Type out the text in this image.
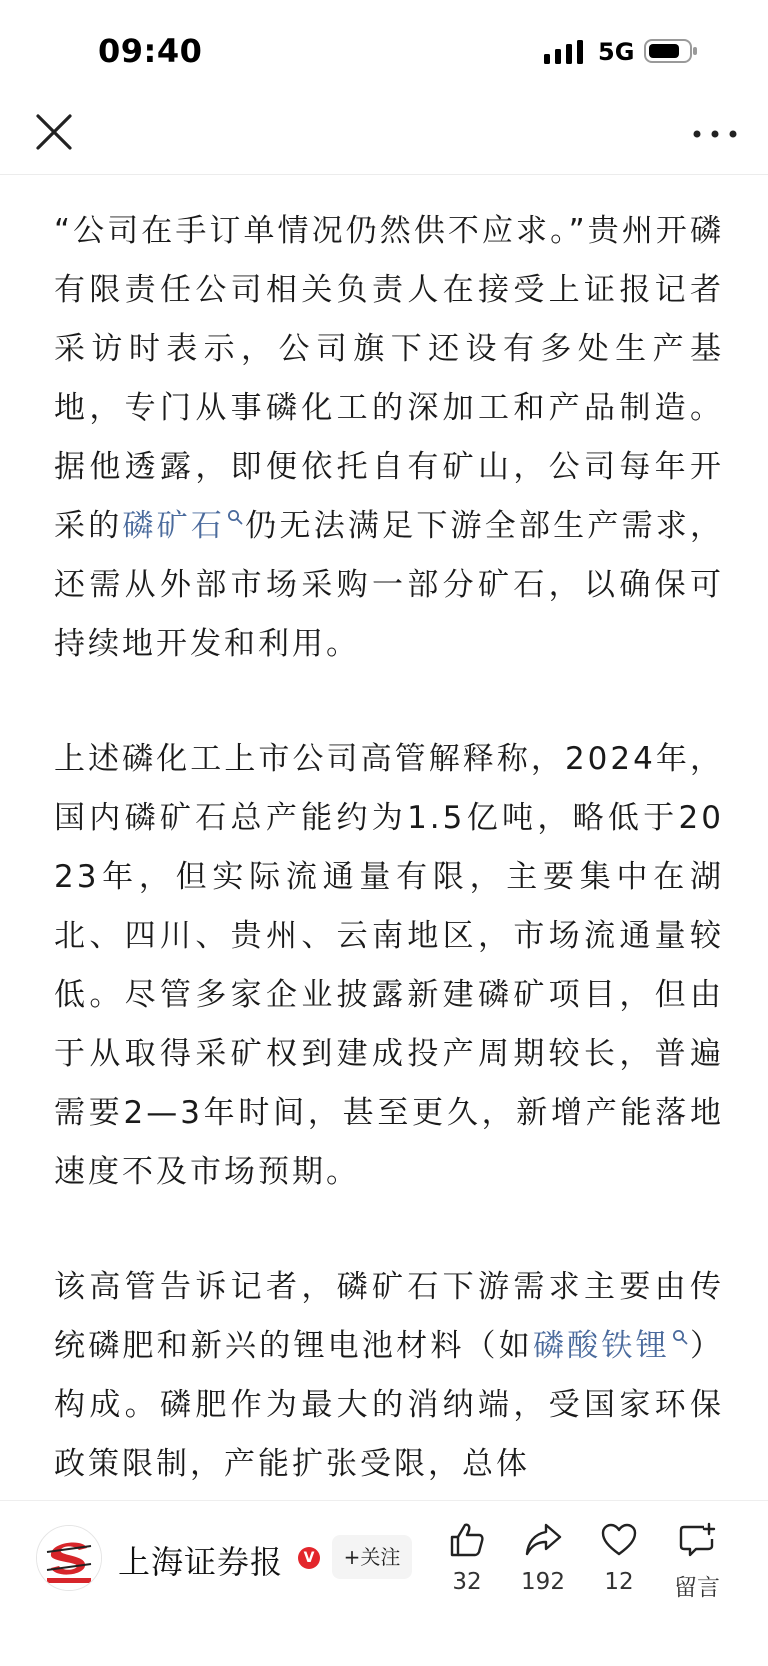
09:40	5G

“公司在手订单情况仍然供不应求。”贵州开磷有限责任公司相关负责人在接受上证报记者采访时表示，公司旗下还设有多处生产基地，专门从事磷化工的深加工和产品制造。据他透露，即便依托自有矿山，公司每年开采的磷矿石 仍无法满足下游全部生产需求，还需从外部市场采购一部分矿石，以确保可持续地开发和利用。

上述磷化工上市公司高管解释称，2024年，国内磷矿石总产能约为1.5亿吨，略低于2023年，但实际流通量有限，主要集中在湖北、四川、贵州、云南地区，市场流通量较低。尽管多家企业披露新建磷矿项目，但由于从取得采矿权到建成投产周期较长，普遍需要2—3年时间，甚至更久，新增产能落地速度不及市场预期。

该高管告诉记者，磷矿石下游需求主要由传统磷肥和新兴的锂电池材料（如磷酸铁锂 ）构成。磷肥作为最大的消纳端，受国家环保政策限制，产能扩张受限，总体

上海证券报	V	+关注
32	192	12	留言
